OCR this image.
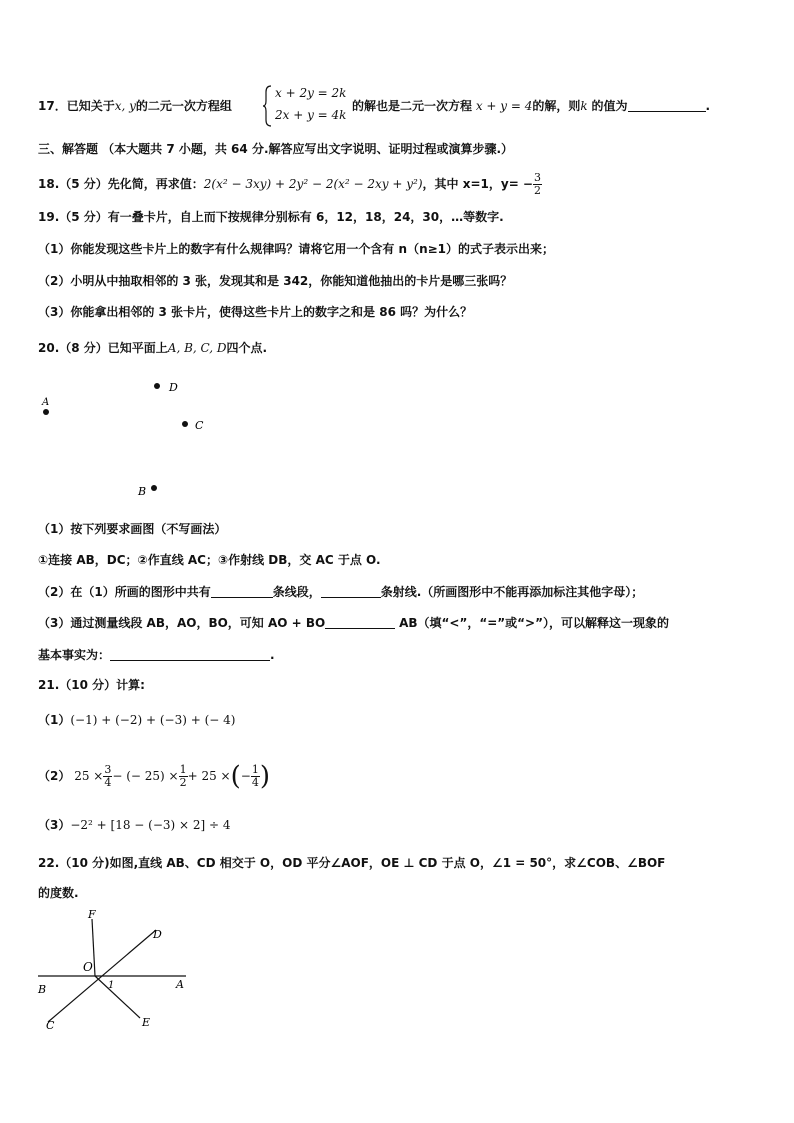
17．已知关于x, y的二元一次方程组
x + 2y = 2k
2x + y = 4k
的解也是二元一次方程 x + y = 4的解，则k 的值为	.
三、解答题 （本大题共 7 小题，共 64 分.解答应写出文字说明、证明过程或演算步骤.）
18.（5 分）先化简，再求值：2(x² − 3xy) + 2y² − 2(x² − 2xy + y²)，其中 x=1，$y= - \frac{3}{2}$
19.（5 分）有一叠卡片，自上而下按规律分别标有 6，12，18，24，30，…等数字.
（1）你能发现这些卡片上的数字有什么规律吗？请将它用一个含有 n（n≥1）的式子表示出来；
（2）小明从中抽取相邻的 3 张，发现其和是 342，你能知道他抽出的卡片是哪三张吗？
（3）你能拿出相邻的 3 张卡片，使得这些卡片上的数字之和是 86 吗？为什么？
20.（8 分）已知平面上A, B, C, D四个点.
D
A
C
B
（1）按下列要求画图（不写画法）
①连接 AB，DC；②作直线 AC；③作射线 DB，交 AC 于点 O.
（2）在（1）所画的图形中共有	条线段，	条射线.（所画图形中不能再添加标注其他字母）；
（3）通过测量线段 AB，AO，BO，可知 AO + BO	AB（填“<”，“=”或“>”），可以解释这一现象的
基本事实为：	.
21.（10 分）计算:
（1）(−1) + (−2) + (−3) + (− 4)
（2） $25 \times \frac{3}{4}$ − (− $25) \times \frac{1}{2} + 25$ ×(− $\frac{1}{4}$ )
（3）−2² + [18 − (−3) × 2] ÷ 4
22.（10 分)如图,直线 AB、CD 相交于 O，OD 平分∠AOF，OE ⊥ CD 于点 O，∠1 = 50°，求∠COB、∠BOF
的度数.
F
D
O
1
B	A
C	E
